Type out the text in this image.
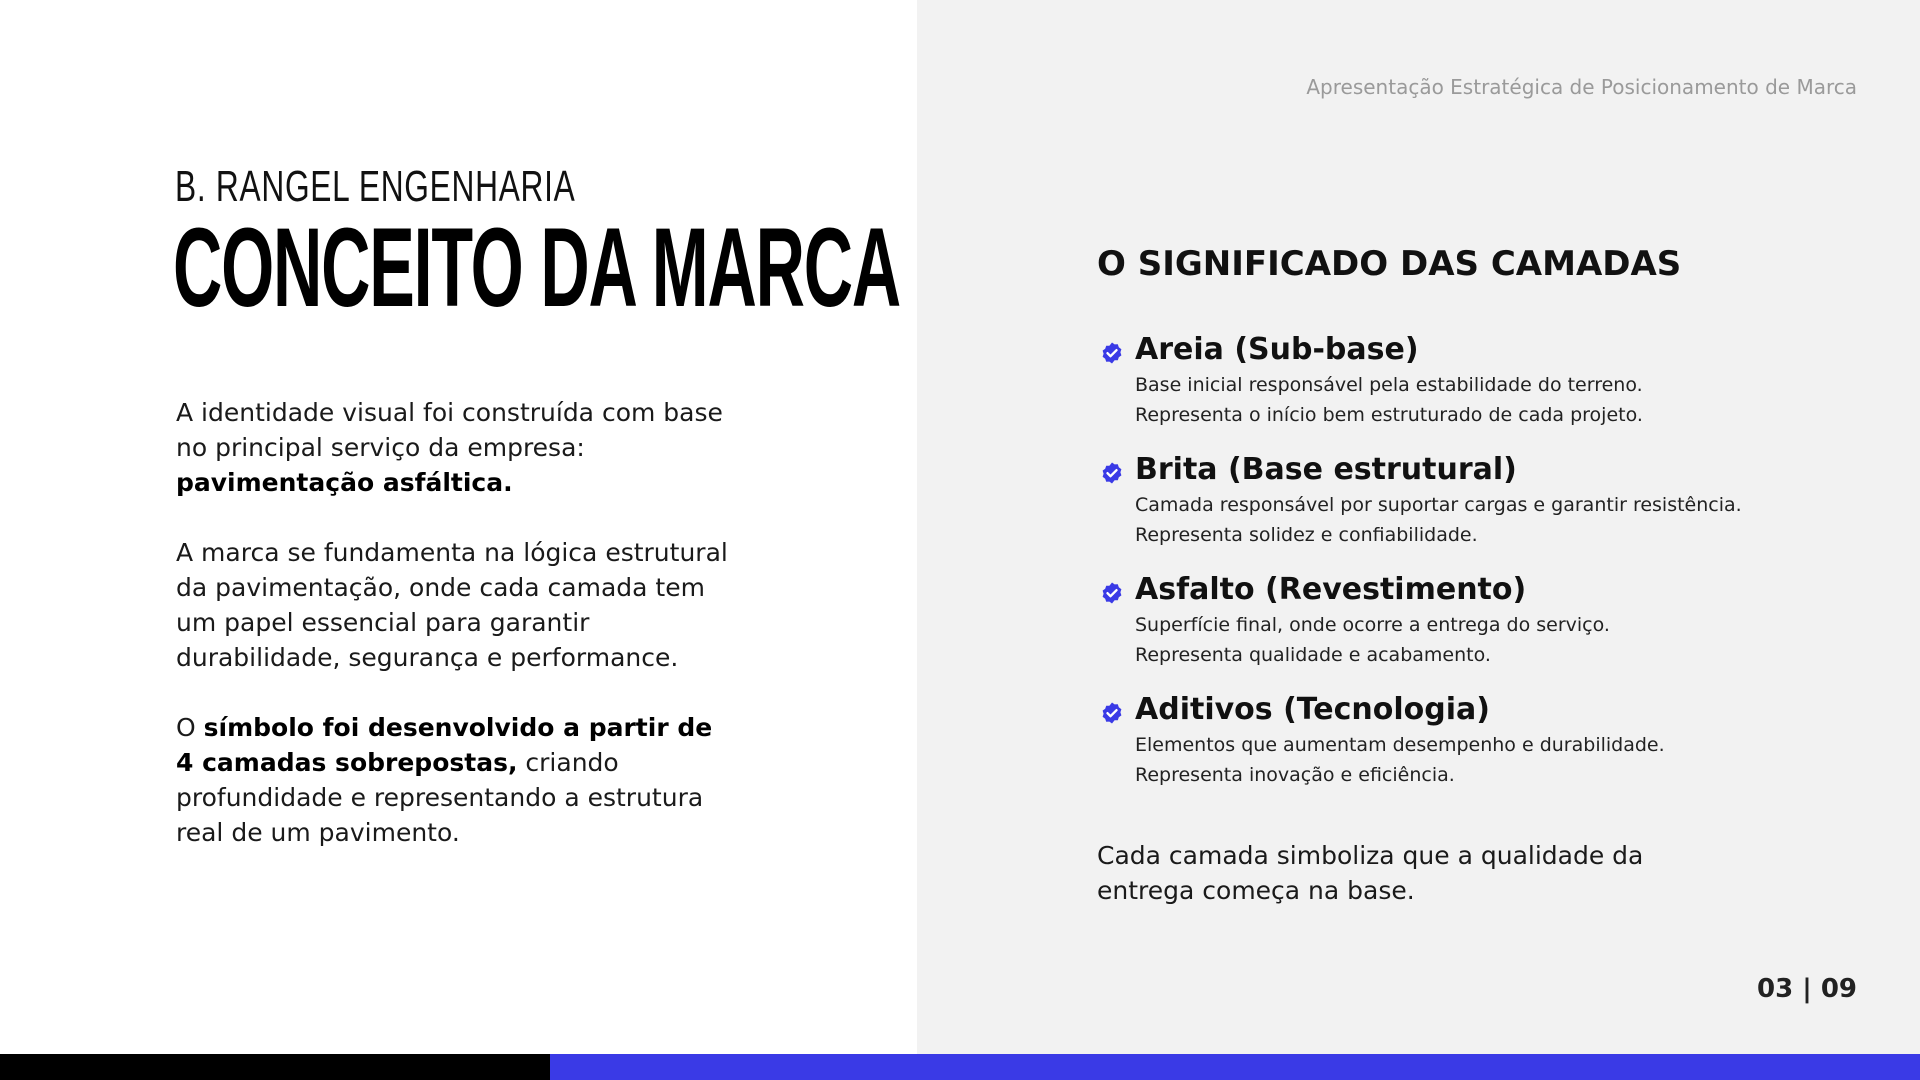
B. RANGEL ENGENHARIA
CONCEITO DA MARCA

A identidade visual foi construída com base no principal serviço da empresa: pavimentação asfáltica.

A marca se fundamenta na lógica estrutural da pavimentação, onde cada camada tem um papel essencial para garantir durabilidade, segurança e performance.

O símbolo foi desenvolvido a partir de 4 camadas sobrepostas, criando profundidade e representando a estrutura real de um pavimento.

Apresentação Estratégica de Posicionamento de Marca
O SIGNIFICADO DAS CAMADAS
Areia (Sub-base)
Base inicial responsável pela estabilidade do terreno.
Representa o início bem estruturado de cada projeto.
Brita (Base estrutural)
Camada responsável por suportar cargas e garantir resistência.
Representa solidez e confiabilidade.
Asfalto (Revestimento)
Superfície final, onde ocorre a entrega do serviço.
Representa qualidade e acabamento.
Aditivos (Tecnologia)
Elementos que aumentam desempenho e durabilidade.
Representa inovação e eficiência.
Cada camada simboliza que a qualidade da entrega começa na base.
03 | 09
